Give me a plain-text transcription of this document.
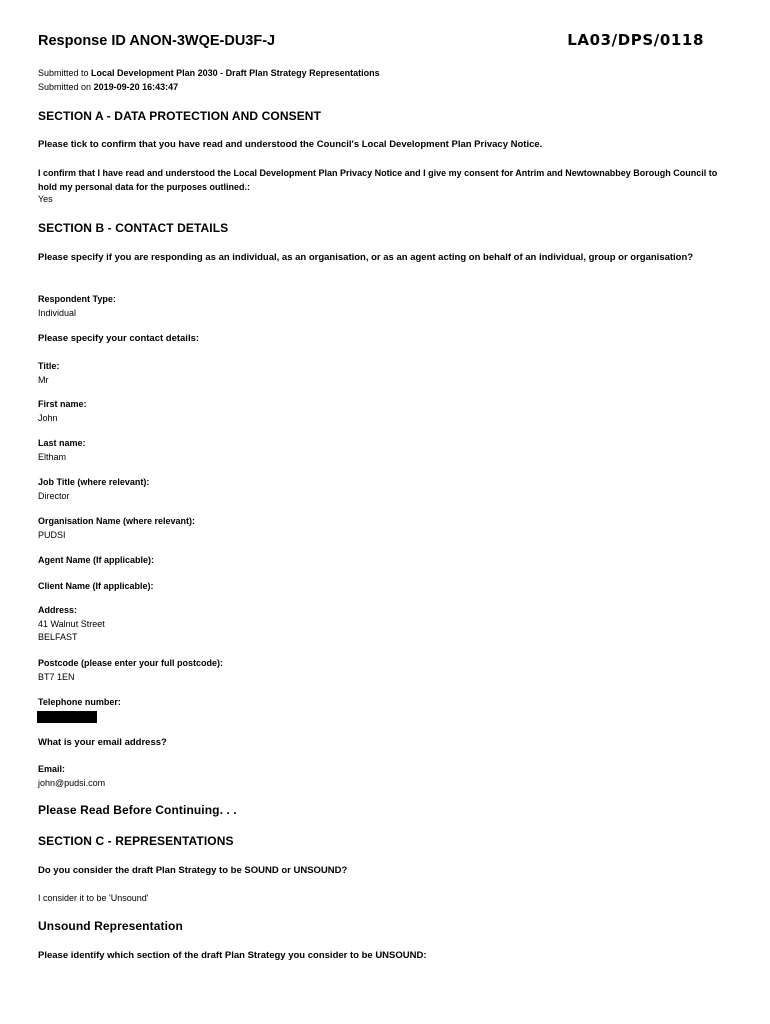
Response ID ANON-3WQE-DU3F-J	LA03/DPS/0118
Submitted to Local Development Plan 2030 - Draft Plan Strategy Representations
Submitted on 2019-09-20 16:43:47
SECTION A - DATA PROTECTION AND CONSENT
Please tick to confirm that you have read and understood the Council's Local Development Plan Privacy Notice.
I confirm that I have read and understood the Local Development Plan Privacy Notice and I give my consent for Antrim and Newtownabbey Borough Council to hold my personal data for the purposes outlined.:
Yes
SECTION B - CONTACT DETAILS
Please specify if you are responding as an individual, as an organisation, or as an agent acting on behalf of an individual, group or organisation?
Respondent Type:
Individual
Please specify your contact details:
Title:
Mr
First name:
John
Last name:
Eltham
Job Title (where relevant):
Director
Organisation Name (where relevant):
PUDSI
Agent Name (If applicable):
Client Name (If applicable):
Address:
41 Walnut Street
BELFAST
Postcode (please enter your full postcode):
BT7 1EN
Telephone number:
What is your email address?
Email:
john@pudsi.com
Please Read Before Continuing. . .
SECTION C - REPRESENTATIONS
Do you consider the draft Plan Strategy to be SOUND or UNSOUND?
I consider it to be 'Unsound'
Unsound Representation
Please identify which section of the draft Plan Strategy you consider to be UNSOUND:
